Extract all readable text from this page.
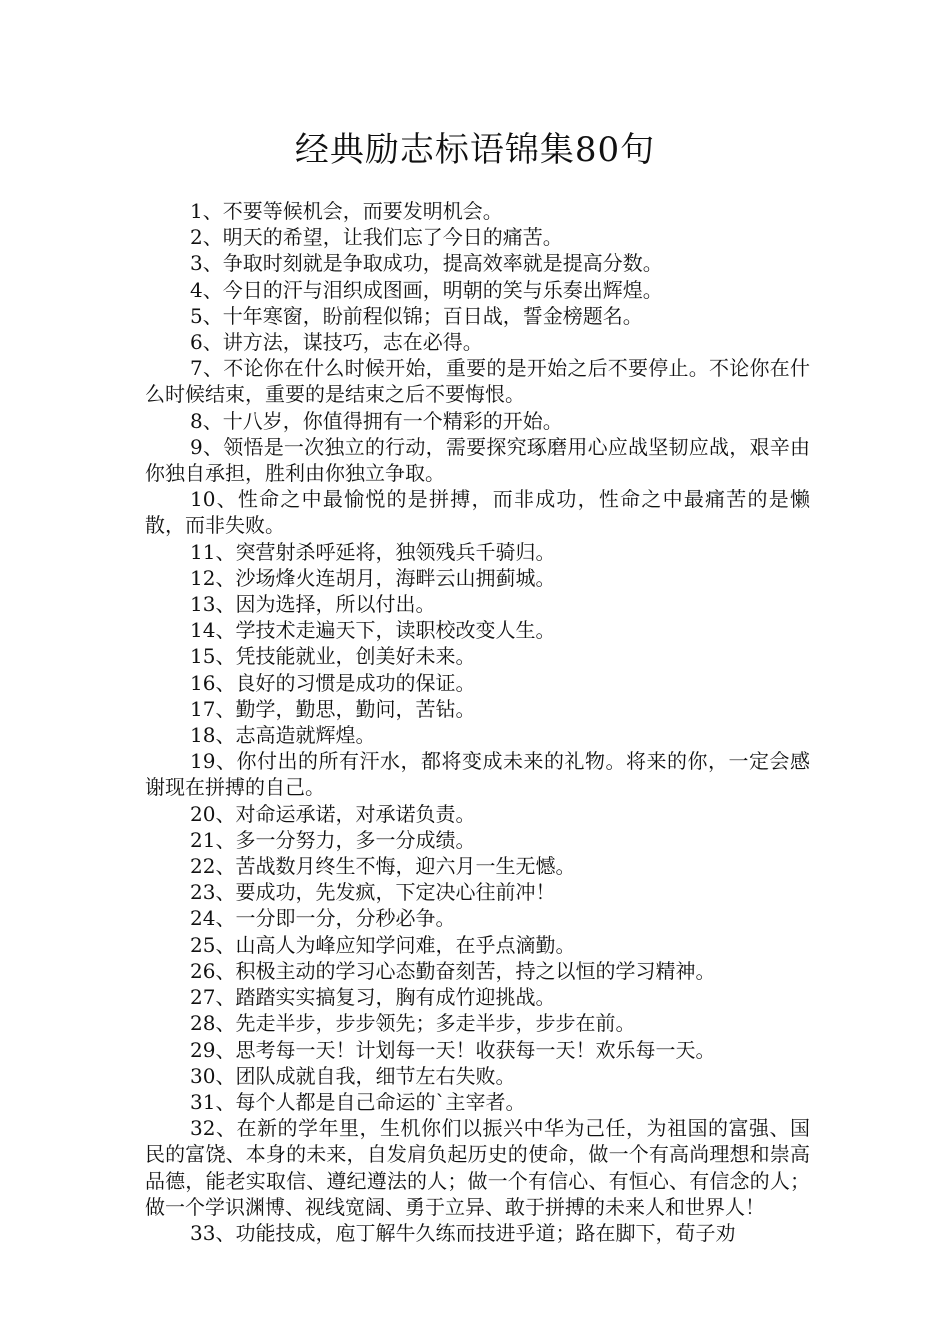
经典励志标语锦集80句

1、不要等候机会，而要发明机会。

2、明天的希望，让我们忘了今日的痛苦。

3、争取时刻就是争取成功，提高效率就是提高分数。

4、今日的汗与泪织成图画，明朝的笑与乐奏出辉煌。

5、十年寒窗，盼前程似锦；百日战，誓金榜题名。

6、讲方法，谋技巧，志在必得。

7、不论你在什么时候开始，重要的是开始之后不要停止。不论你在什么时候结束，重要的是结束之后不要悔恨。

8、十八岁，你值得拥有一个精彩的开始。

9、领悟是一次独立的行动，需要探究琢磨用心应战坚韧应战，艰辛由你独自承担，胜利由你独立争取。

10、性命之中最愉悦的是拼搏，而非成功，性命之中最痛苦的是懒散，而非失败。

11、突营射杀呼延将，独领残兵千骑归。

12、沙场烽火连胡月，海畔云山拥蓟城。

13、因为选择，所以付出。

14、学技术走遍天下，读职校改变人生。

15、凭技能就业，创美好未来。

16、良好的习惯是成功的保证。

17、勤学，勤思，勤问，苦钻。

18、志高造就辉煌。

19、你付出的所有汗水，都将变成未来的礼物。将来的你，一定会感谢现在拼搏的自己。

20、对命运承诺，对承诺负责。

21、多一分努力，多一分成绩。

22、苦战数月终生不悔，迎六月一生无憾。

23、要成功，先发疯，下定决心往前冲！

24、一分即一分，分秒必争。

25、山高人为峰应知学问难，在乎点滴勤。

26、积极主动的学习心态勤奋刻苦，持之以恒的学习精神。

27、踏踏实实搞复习，胸有成竹迎挑战。

28、先走半步，步步领先；多走半步，步步在前。

29、思考每一天！计划每一天！收获每一天！欢乐每一天。

30、团队成就自我，细节左右失败。

31、每个人都是自己命运的`主宰者。

32、在新的学年里，生机你们以振兴中华为己任，为祖国的富强、国民的富饶、本身的未来，自发肩负起历史的使命，做一个有高尚理想和崇高品德，能老实取信、遵纪遵法的人；做一个有信心、有恒心、有信念的人；做一个学识渊博、视线宽阔、勇于立异、敢于拼搏的未来人和世界人！

33、功能技成，庖丁解牛久练而技进乎道；路在脚下，荀子劝
